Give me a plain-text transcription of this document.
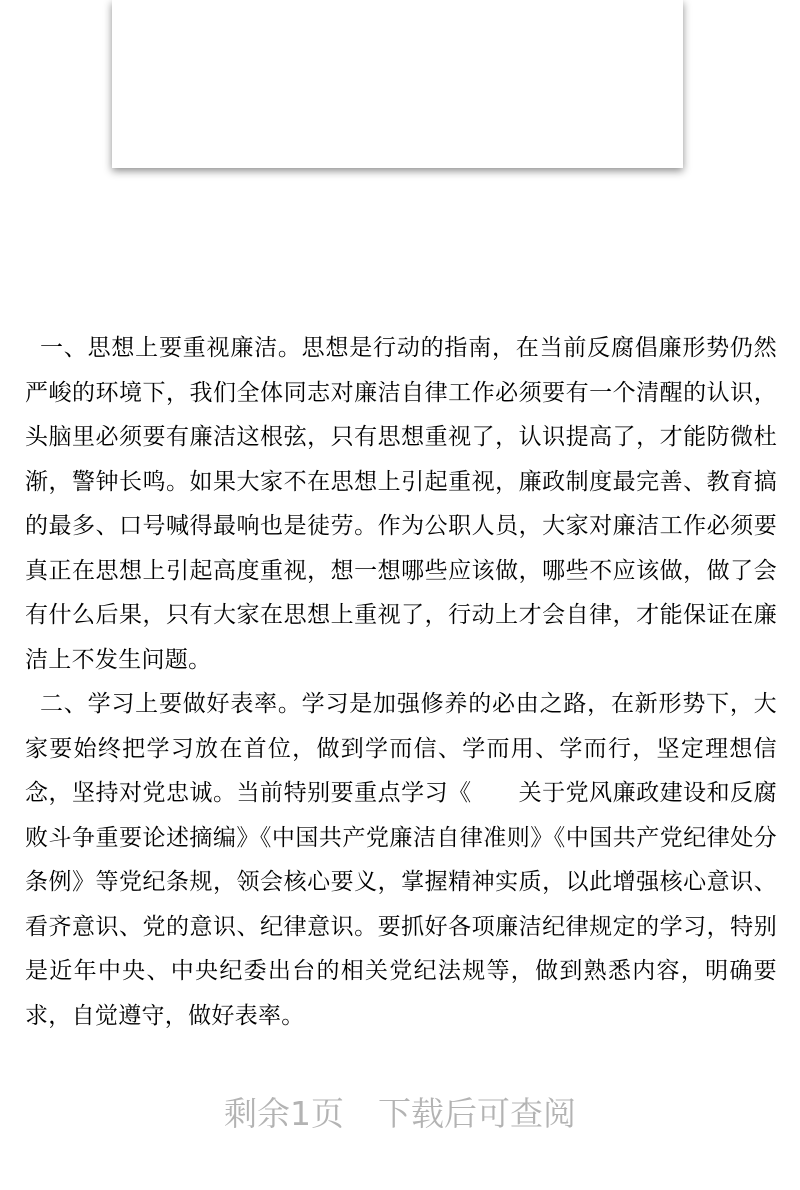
一、思想上要重视廉洁。思想是行动的指南，在当前反腐倡廉形势仍然严峻的环境下，我们全体同志对廉洁自律工作必须要有一个清醒的认识，头脑里必须要有廉洁这根弦，只有思想重视了，认识提高了，才能防微杜渐，警钟长鸣。如果大家不在思想上引起重视，廉政制度最完善、教育搞的最多、口号喊得最响也是徒劳。作为公职人员，大家对廉洁工作必须要真正在思想上引起高度重视，想一想哪些应该做，哪些不应该做，做了会有什么后果，只有大家在思想上重视了，行动上才会自律，才能保证在廉洁上不发生问题。

二、学习上要做好表率。学习是加强修养的必由之路，在新形势下，大家要始终把学习放在首位，做到学而信、学而用、学而行，坚定理想信念，坚持对党忠诚。当前特别要重点学习《　　关于党风廉政建设和反腐败斗争重要论述摘编》《中国共产党廉洁自律准则》《中国共产党纪律处分条例》等党纪条规，领会核心要义，掌握精神实质，以此增强核心意识、看齐意识、党的意识、纪律意识。要抓好各项廉洁纪律规定的学习，特别是近年中央、中央纪委出台的相关党纪法规等，做到熟悉内容，明确要求，自觉遵守，做好表率。

剩余1页 下载后可查阅
